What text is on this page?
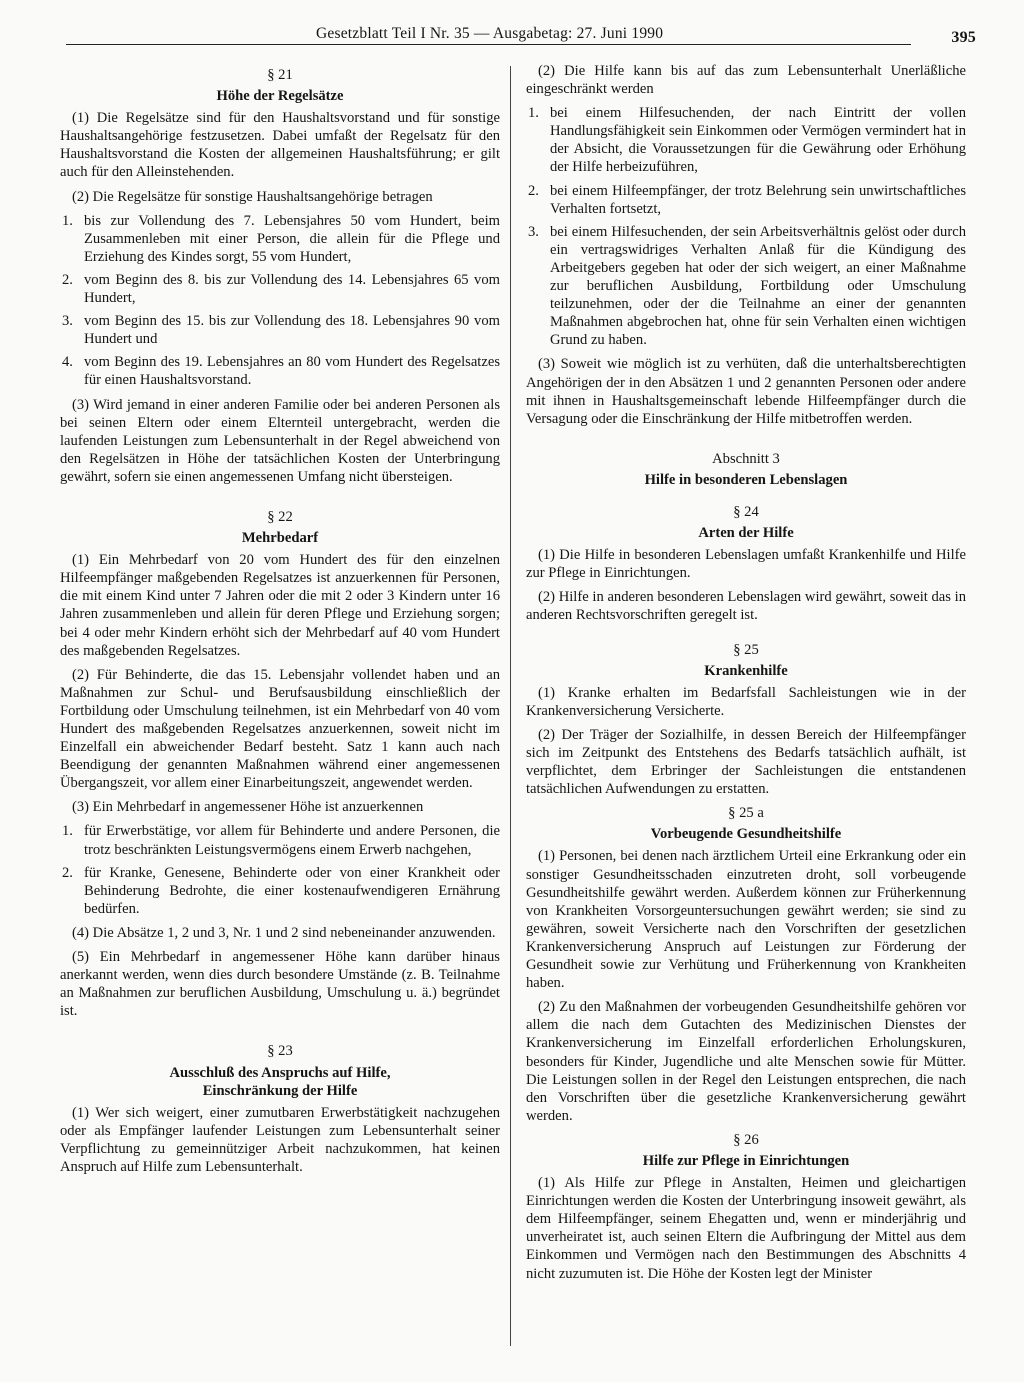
Gesetzblatt Teil I Nr. 35 — Ausgabetag: 27. Juni 1990	395
§ 21
Höhe der Regelsätze

(1) Die Regelsätze sind für den Haushaltsvorstand und für sonstige Haushaltsangehörige festzusetzen. Dabei umfaßt der Regelsatz für den Haushaltsvorstand die Kosten der allgemeinen Haushaltsführung; er gilt auch für den Alleinstehenden.

(2) Die Regelsätze für sonstige Haushaltsangehörige betragen

1. bis zur Vollendung des 7. Lebensjahres 50 vom Hundert, beim Zusammenleben mit einer Person, die allein für die Pflege und Erziehung des Kindes sorgt, 55 vom Hundert,
2. vom Beginn des 8. bis zur Vollendung des 14. Lebensjahres 65 vom Hundert,
3. vom Beginn des 15. bis zur Vollendung des 18. Lebensjahres 90 vom Hundert und
4. vom Beginn des 19. Lebensjahres an 80 vom Hundert des Regelsatzes für einen Haushaltsvorstand.

(3) Wird jemand in einer anderen Familie oder bei anderen Personen als bei seinen Eltern oder einem Elternteil untergebracht, werden die laufenden Leistungen zum Lebensunterhalt in der Regel abweichend von den Regelsätzen in Höhe der tatsächlichen Kosten der Unterbringung gewährt, sofern sie einen angemessenen Umfang nicht übersteigen.

§ 22
Mehrbedarf

(1) Ein Mehrbedarf von 20 vom Hundert des für den einzelnen Hilfeempfänger maßgebenden Regelsatzes ist anzuerkennen für Personen, die mit einem Kind unter 7 Jahren oder die mit 2 oder 3 Kindern unter 16 Jahren zusammenleben und allein für deren Pflege und Erziehung sorgen; bei 4 oder mehr Kindern erhöht sich der Mehrbedarf auf 40 vom Hundert des maßgebenden Regelsatzes.

(2) Für Behinderte, die das 15. Lebensjahr vollendet haben und an Maßnahmen zur Schul- und Berufsausbildung einschließlich der Fortbildung oder Umschulung teilnehmen, ist ein Mehrbedarf von 40 vom Hundert des maßgebenden Regelsatzes anzuerkennen, soweit nicht im Einzelfall ein abweichender Bedarf besteht. Satz 1 kann auch nach Beendigung der genannten Maßnahmen während einer angemessenen Übergangszeit, vor allem einer Einarbeitungszeit, angewendet werden.

(3) Ein Mehrbedarf in angemessener Höhe ist anzuerkennen

1. für Erwerbstätige, vor allem für Behinderte und andere Personen, die trotz beschränkten Leistungsvermögens einem Erwerb nachgehen,
2. für Kranke, Genesene, Behinderte oder von einer Krankheit oder Behinderung Bedrohte, die einer kostenaufwendigeren Ernährung bedürfen.

(4) Die Absätze 1, 2 und 3, Nr. 1 und 2 sind nebeneinander anzuwenden.

(5) Ein Mehrbedarf in angemessener Höhe kann darüber hinaus anerkannt werden, wenn dies durch besondere Umstände (z. B. Teilnahme an Maßnahmen zur beruflichen Ausbildung, Umschulung u. ä.) begründet ist.

§ 23
Ausschluß des Anspruchs auf Hilfe,
Einschränkung der Hilfe

(1) Wer sich weigert, einer zumutbaren Erwerbstätigkeit nachzugehen oder als Empfänger laufender Leistungen zum Lebensunterhalt seiner Verpflichtung zu gemeinnütziger Arbeit nachzukommen, hat keinen Anspruch auf Hilfe zum Lebensunterhalt.

(2) Die Hilfe kann bis auf das zum Lebensunterhalt Unerläßliche eingeschränkt werden

1. bei einem Hilfesuchenden, der nach Eintritt der vollen Handlungsfähigkeit sein Einkommen oder Vermögen vermindert hat in der Absicht, die Voraussetzungen für die Gewährung oder Erhöhung der Hilfe herbeizuführen,
2. bei einem Hilfeempfänger, der trotz Belehrung sein unwirtschaftliches Verhalten fortsetzt,
3. bei einem Hilfesuchenden, der sein Arbeitsverhältnis gelöst oder durch ein vertragswidriges Verhalten Anlaß für die Kündigung des Arbeitgebers gegeben hat oder der sich weigert, an einer Maßnahme zur beruflichen Ausbildung, Fortbildung oder Umschulung teilzunehmen, oder der die Teilnahme an einer der genannten Maßnahmen abgebrochen hat, ohne für sein Verhalten einen wichtigen Grund zu haben.

(3) Soweit wie möglich ist zu verhüten, daß die unterhaltsberechtigten Angehörigen der in den Absätzen 1 und 2 genannten Personen oder andere mit ihnen in Haushaltsgemeinschaft lebende Hilfeempfänger durch die Versagung oder die Einschränkung der Hilfe mitbetroffen werden.

Abschnitt 3
Hilfe in besonderen Lebenslagen
§ 24
Arten der Hilfe

(1) Die Hilfe in besonderen Lebenslagen umfaßt Krankenhilfe und Hilfe zur Pflege in Einrichtungen.

(2) Hilfe in anderen besonderen Lebenslagen wird gewährt, soweit das in anderen Rechtsvorschriften geregelt ist.

§ 25
Krankenhilfe

(1) Kranke erhalten im Bedarfsfall Sachleistungen wie in der Krankenversicherung Versicherte.

(2) Der Träger der Sozialhilfe, in dessen Bereich der Hilfeempfänger sich im Zeitpunkt des Entstehens des Bedarfs tatsächlich aufhält, ist verpflichtet, dem Erbringer der Sachleistungen die entstandenen tatsächlichen Aufwendungen zu erstatten.

§ 25 a
Vorbeugende Gesundheitshilfe

(1) Personen, bei denen nach ärztlichem Urteil eine Erkrankung oder ein sonstiger Gesundheitsschaden einzutreten droht, soll vorbeugende Gesundheitshilfe gewährt werden. Außerdem können zur Früherkennung von Krankheiten Vorsorgeuntersuchungen gewährt werden; sie sind zu gewähren, soweit Versicherte nach den Vorschriften der gesetzlichen Krankenversicherung Anspruch auf Leistungen zur Förderung der Gesundheit sowie zur Verhütung und Früherkennung von Krankheiten haben.

(2) Zu den Maßnahmen der vorbeugenden Gesundheitshilfe gehören vor allem die nach dem Gutachten des Medizinischen Dienstes der Krankenversicherung im Einzelfall erforderlichen Erholungskuren, besonders für Kinder, Jugendliche und alte Menschen sowie für Mütter. Die Leistungen sollen in der Regel den Leistungen entsprechen, die nach den Vorschriften über die gesetzliche Krankenversicherung gewährt werden.

§ 26
Hilfe zur Pflege in Einrichtungen

(1) Als Hilfe zur Pflege in Anstalten, Heimen und gleichartigen Einrichtungen werden die Kosten der Unterbringung insoweit gewährt, als dem Hilfeempfänger, seinem Ehegatten und, wenn er minderjährig und unverheiratet ist, auch seinen Eltern die Aufbringung der Mittel aus dem Einkommen und Vermögen nach den Bestimmungen des Abschnitts 4 nicht zuzumuten ist. Die Höhe der Kosten legt der Minister
